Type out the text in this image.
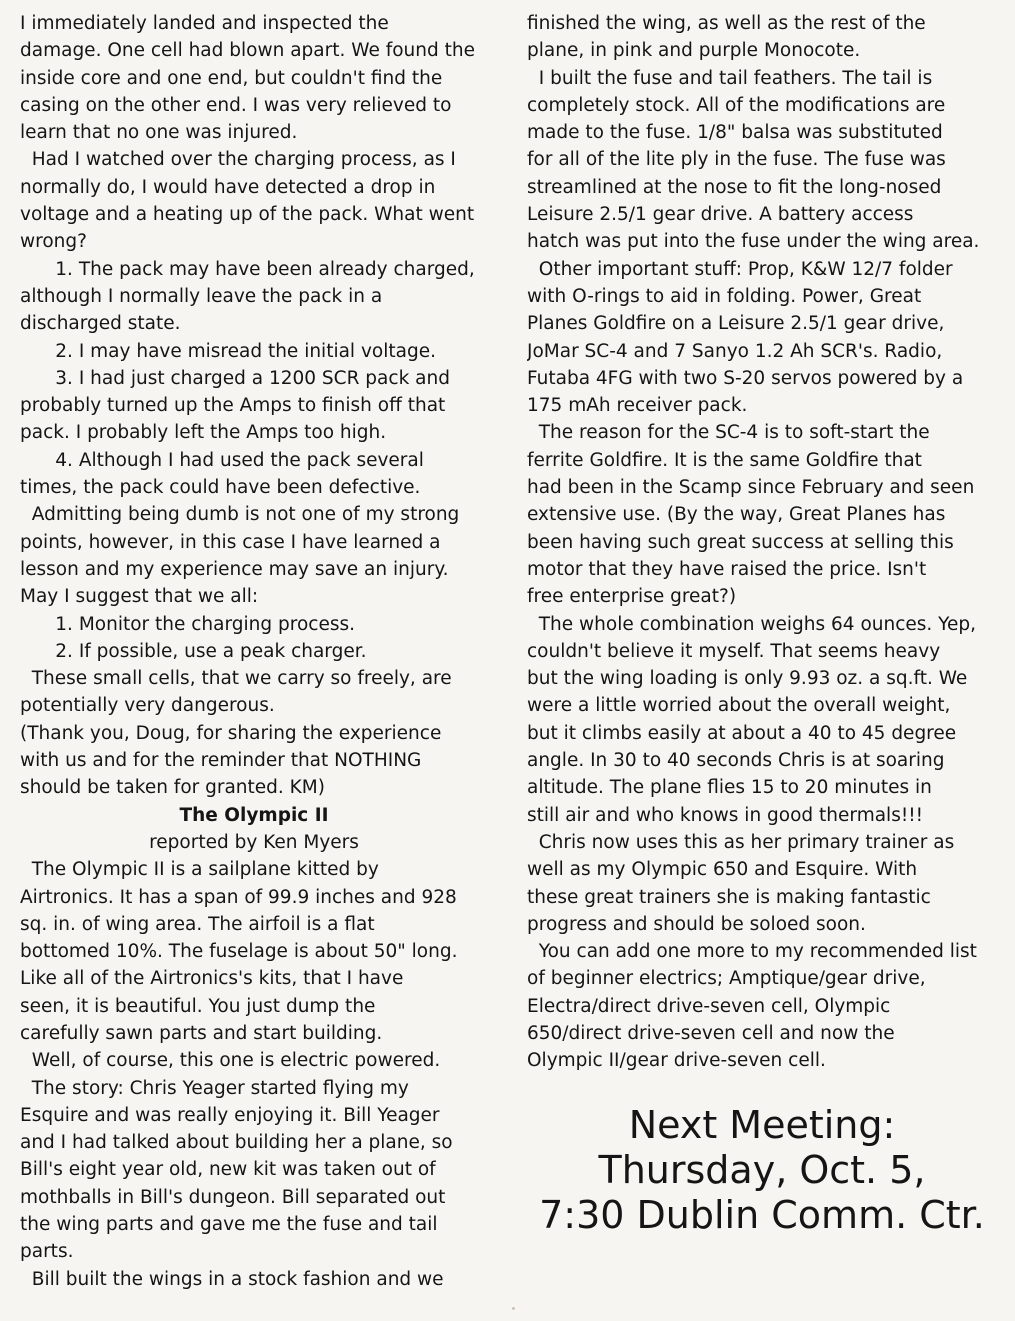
I immediately landed and inspected the
damage. One cell had blown apart. We found the
inside core and one end, but couldn't find the
casing on the other end. I was very relieved to
learn that no one was injured.
Had I watched over the charging process, as I
normally do, I would have detected a drop in
voltage and a heating up of the pack. What went
wrong?
1. The pack may have been already charged,
although I normally leave the pack in a
discharged state.
2. I may have misread the initial voltage.
3. I had just charged a 1200 SCR pack and
probably turned up the Amps to finish off that
pack. I probably left the Amps too high.
4. Although I had used the pack several
times, the pack could have been defective.
Admitting being dumb is not one of my strong
points, however, in this case I have learned a
lesson and my experience may save an injury.
May I suggest that we all:
1. Monitor the charging process.
2. If possible, use a peak charger.
These small cells, that we carry so freely, are
potentially very dangerous.
(Thank you, Doug, for sharing the experience
with us and for the reminder that NOTHING
should be taken for granted. KM)
The Olympic II
reported by Ken Myers
The Olympic II is a sailplane kitted by
Airtronics. It has a span of 99.9 inches and 928
sq. in. of wing area. The airfoil is a flat
bottomed 10%. The fuselage is about 50" long.
Like all of the Airtronics's kits, that I have
seen, it is beautiful. You just dump the
carefully sawn parts and start building.
Well, of course, this one is electric powered.
The story: Chris Yeager started flying my
Esquire and was really enjoying it. Bill Yeager
and I had talked about building her a plane, so
Bill's eight year old, new kit was taken out of
mothballs in Bill's dungeon. Bill separated out
the wing parts and gave me the fuse and tail
parts.
Bill built the wings in a stock fashion and we
finished the wing, as well as the rest of the
plane, in pink and purple Monocote.
I built the fuse and tail feathers. The tail is
completely stock. All of the modifications are
made to the fuse. 1/8" balsa was substituted
for all of the lite ply in the fuse. The fuse was
streamlined at the nose to fit the long-nosed
Leisure 2.5/1 gear drive. A battery access
hatch was put into the fuse under the wing area.
Other important stuff: Prop, K&W 12/7 folder
with O-rings to aid in folding. Power, Great
Planes Goldfire on a Leisure 2.5/1 gear drive,
JoMar SC-4 and 7 Sanyo 1.2 Ah SCR's. Radio,
Futaba 4FG with two S-20 servos powered by a
175 mAh receiver pack.
The reason for the SC-4 is to soft-start the
ferrite Goldfire. It is the same Goldfire that
had been in the Scamp since February and seen
extensive use. (By the way, Great Planes has
been having such great success at selling this
motor that they have raised the price. Isn't
free enterprise great?)
The whole combination weighs 64 ounces. Yep,
couldn't believe it myself. That seems heavy
but the wing loading is only 9.93 oz. a sq.ft. We
were a little worried about the overall weight,
but it climbs easily at about a 40 to 45 degree
angle. In 30 to 40 seconds Chris is at soaring
altitude. The plane flies 15 to 20 minutes in
still air and who knows in good thermals!!!
Chris now uses this as her primary trainer as
well as my Olympic 650 and Esquire. With
these great trainers she is making fantastic
progress and should be soloed soon.
You can add one more to my recommended list
of beginner electrics; Amptique/gear drive,
Electra/direct drive-seven cell, Olympic
650/direct drive-seven cell and now the
Olympic II/gear drive-seven cell.
Next Meeting:
Thursday, Oct. 5,
7:30 Dublin Comm. Ctr.
